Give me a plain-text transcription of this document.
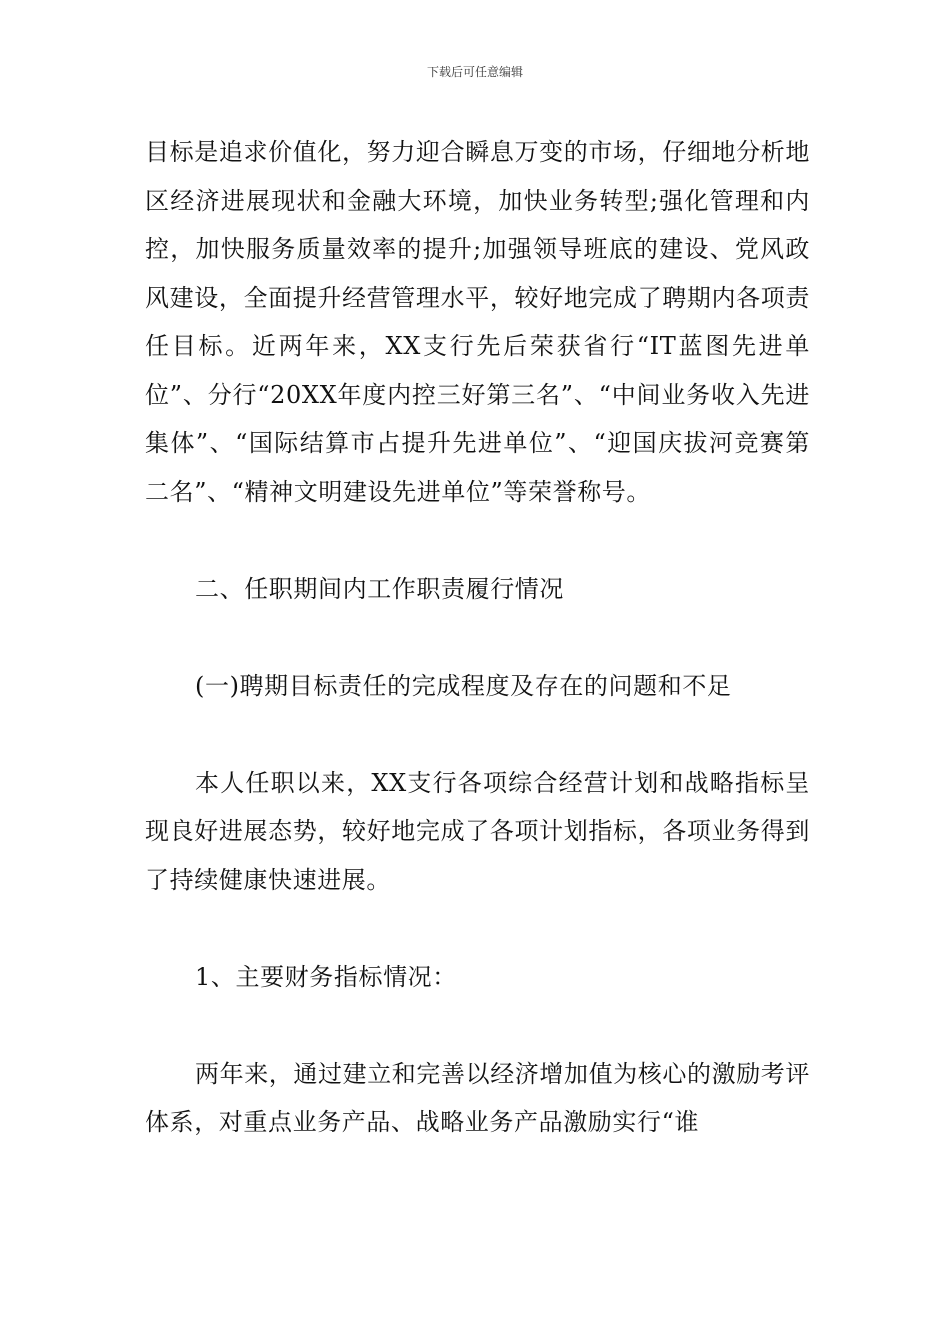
下载后可任意编辑

目标是追求价值化，努力迎合瞬息万变的市场，仔细地分析地区经济进展现状和金融大环境，加快业务转型;强化管理和内控，加快服务质量效率的提升;加强领导班底的建设、党风政风建设，全面提升经营管理水平，较好地完成了聘期内各项责任目标。近两年来，XX支行先后荣获省行“IT蓝图先进单位”、分行“20XX年度内控三好第三名”、“中间业务收入先进集体”、“国际结算市占提升先进单位”、“迎国庆拔河竞赛第二名”、“精神文明建设先进单位”等荣誉称号。

二、任职期间内工作职责履行情况

(一)聘期目标责任的完成程度及存在的问题和不足

本人任职以来，XX支行各项综合经营计划和战略指标呈现良好进展态势，较好地完成了各项计划指标，各项业务得到了持续健康快速进展。

1、主要财务指标情况：

两年来，通过建立和完善以经济增加值为核心的激励考评体系，对重点业务产品、战略业务产品激励实行“谁
